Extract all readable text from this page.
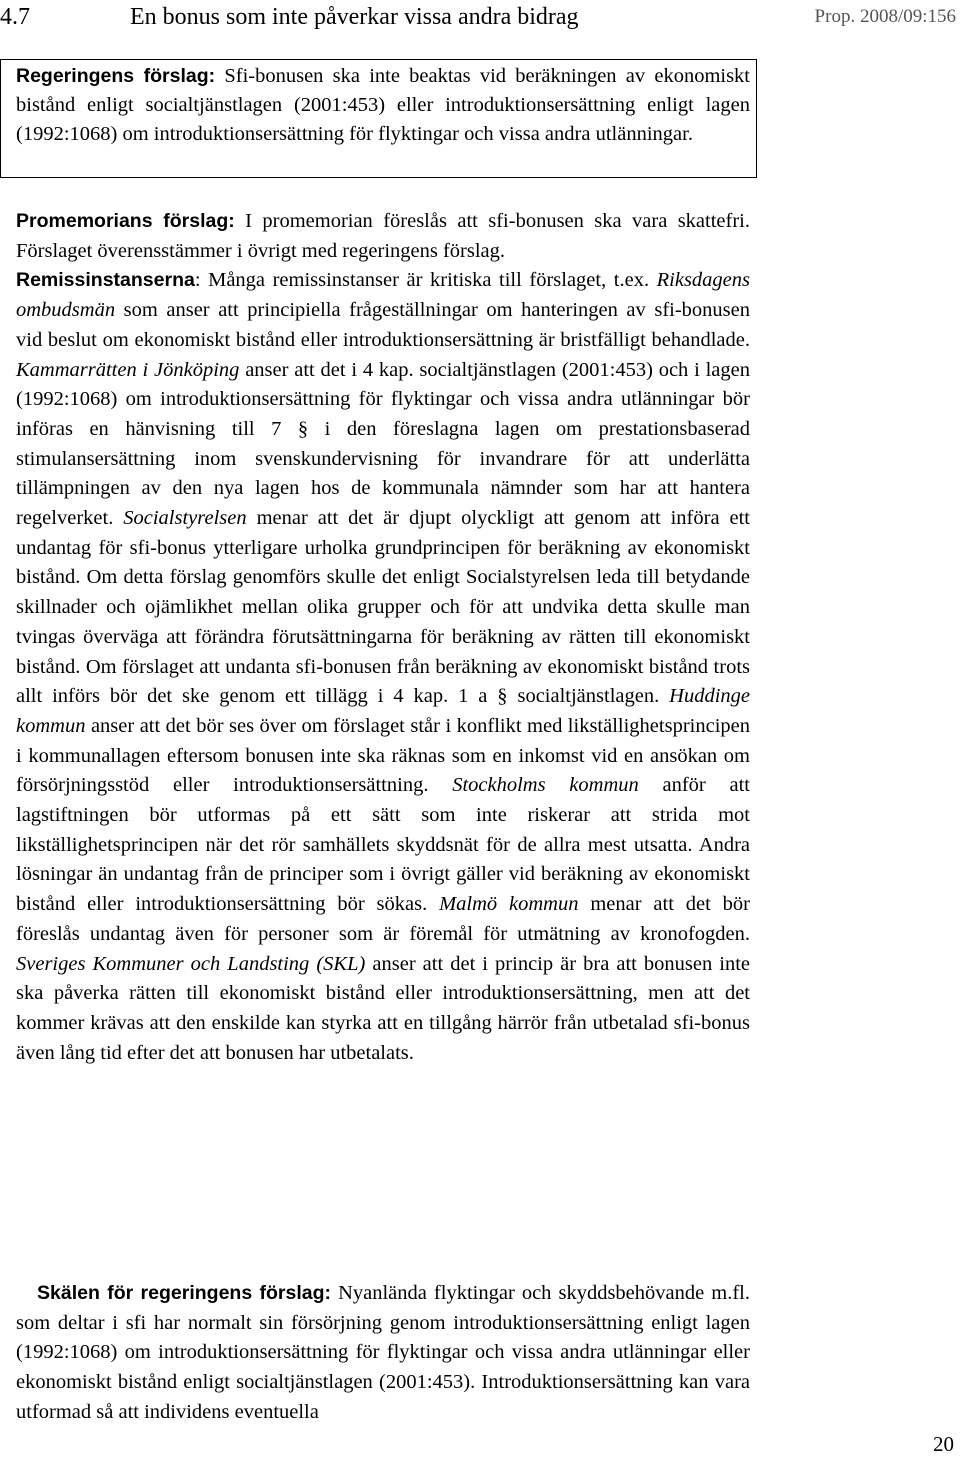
4.7	En bonus som inte påverkar vissa andra bidrag	Prop. 2008/09:156

Regeringens förslag: Sfi-bonusen ska inte beaktas vid beräkningen av ekonomiskt bistånd enligt socialtjänstlagen (2001:453) eller introduktionsersättning enligt lagen (1992:1068) om introduktionsersättning för flyktingar och vissa andra utlänningar.

Promemorians förslag: I promemorian föreslås att sfi-bonusen ska vara skattefri. Förslaget överensstämmer i övrigt med regeringens förslag.

Remissinstanserna: Många remissinstanser är kritiska till förslaget, t.ex. Riksdagens ombudsmän som anser att principiella frågeställningar om hanteringen av sfi-bonusen vid beslut om ekonomiskt bistånd eller introduktionsersättning är bristfälligt behandlade. Kammarrätten i Jönköping anser att det i 4 kap. socialtjänstlagen (2001:453) och i lagen (1992:1068) om introduktionsersättning för flyktingar och vissa andra utlänningar bör införas en hänvisning till 7 § i den föreslagna lagen om prestationsbaserad stimulansersättning inom svenskundervisning för invandrare för att underlätta tillämpningen av den nya lagen hos de kommunala nämnder som har att hantera regelverket. Socialstyrelsen menar att det är djupt olyckligt att genom att införa ett undantag för sfi-bonus ytterligare urholka grundprincipen för beräkning av ekonomiskt bistånd. Om detta förslag genomförs skulle det enligt Socialstyrelsen leda till betydande skillnader och ojämlikhet mellan olika grupper och för att undvika detta skulle man tvingas överväga att förändra förutsättningarna för beräkning av rätten till ekonomiskt bistånd. Om förslaget att undanta sfi-bonusen från beräkning av ekonomiskt bistånd trots allt införs bör det ske genom ett tillägg i 4 kap. 1 a § socialtjänstlagen. Huddinge kommun anser att det bör ses över om förslaget står i konflikt med likställighetsprincipen i kommunallagen eftersom bonusen inte ska räknas som en inkomst vid en ansökan om försörjningsstöd eller introduktionsersättning. Stockholms kommun anför att lagstiftningen bör utformas på ett sätt som inte riskerar att strida mot likställighetsprincipen när det rör samhällets skyddsnät för de allra mest utsatta. Andra lösningar än undantag från de principer som i övrigt gäller vid beräkning av ekonomiskt bistånd eller introduktionsersättning bör sökas. Malmö kommun menar att det bör föreslås undantag även för personer som är föremål för utmätning av kronofogden. Sveriges Kommuner och Landsting (SKL) anser att det i princip är bra att bonusen inte ska påverka rätten till ekonomiskt bistånd eller introduktionsersättning, men att det kommer krävas att den enskilde kan styrka att en tillgång härrör från utbetalad sfi-bonus även lång tid efter det att bonusen har utbetalats.

Skälen för regeringens förslag: Nyanlända flyktingar och skyddsbehövande m.fl. som deltar i sfi har normalt sin försörjning genom introduktionsersättning enligt lagen (1992:1068) om introduktionsersättning för flyktingar och vissa andra utlänningar eller ekonomiskt bistånd enligt socialtjänstlagen (2001:453). Introduktionsersättning kan vara utformad så att individens eventuella

20
